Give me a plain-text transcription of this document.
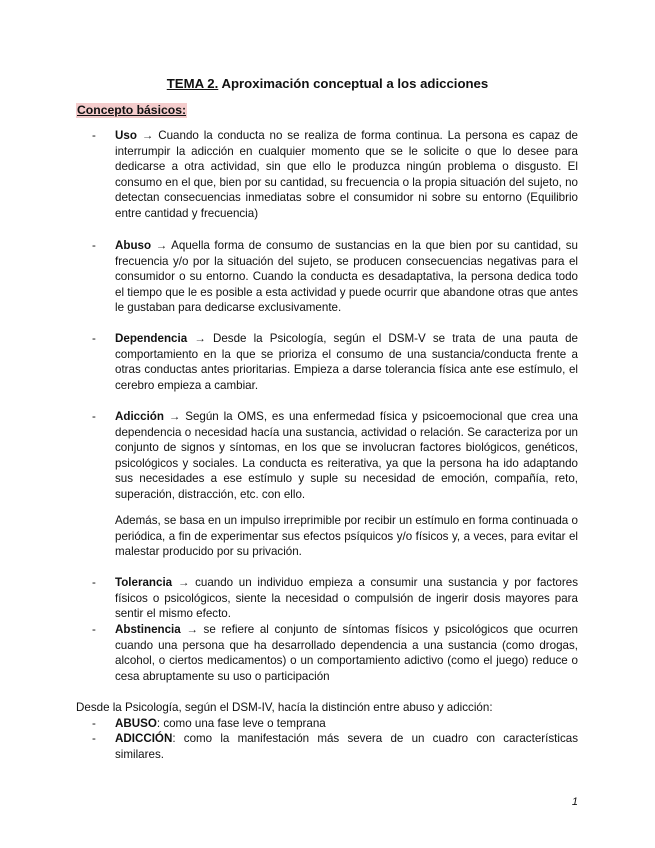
TEMA 2. Aproximación conceptual a los adicciones
Concepto básicos:
-	Uso → Cuando la conducta no se realiza de forma continua. La persona es capaz de interrumpir la adicción en cualquier momento que se le solicite o que lo desee para dedicarse a otra actividad, sin que ello le produzca ningún problema o disgusto. El consumo en el que, bien por su cantidad, su frecuencia o la propia situación del sujeto, no detectan consecuencias inmediatas sobre el consumidor ni sobre su entorno (Equilibrio entre cantidad y frecuencia)
-	Abuso → Aquella forma de consumo de sustancias en la que bien por su cantidad, su frecuencia y/o por la situación del sujeto, se producen consecuencias negativas para el consumidor o su entorno. Cuando la conducta es desadaptativa, la persona dedica todo el tiempo que le es posible a esta actividad y puede ocurrir que abandone otras que antes le gustaban para dedicarse exclusivamente.
-	Dependencia → Desde la Psicología, según el DSM-V se trata de una pauta de comportamiento en la que se prioriza el consumo de una sustancia/conducta frente a otras conductas antes prioritarias. Empieza a darse tolerancia física ante ese estímulo, el cerebro empieza a cambiar.
-	Adicción → Según la OMS, es una enfermedad física y psicoemocional que crea una dependencia o necesidad hacía una sustancia, actividad o relación. Se caracteriza por un conjunto de signos y síntomas, en los que se involucran factores biológicos, genéticos, psicológicos y sociales. La conducta es reiterativa, ya que la persona ha ido adaptando sus necesidades a ese estímulo y suple su necesidad de emoción, compañía, reto, superación, distracción, etc. con ello.
Además, se basa en un impulso irreprimible por recibir un estímulo en forma continuada o periódica, a fin de experimentar sus efectos psíquicos y/o físicos y, a veces, para evitar el malestar producido por su privación.
-	Tolerancia → cuando un individuo empieza a consumir una sustancia y por factores físicos o psicológicos, siente la necesidad o compulsión de ingerir dosis mayores para sentir el mismo efecto.
-	Abstinencia → se refiere al conjunto de síntomas físicos y psicológicos que ocurren cuando una persona que ha desarrollado dependencia a una sustancia (como drogas, alcohol, o ciertos medicamentos) o un comportamiento adictivo (como el juego) reduce o cesa abruptamente su uso o participación
Desde la Psicología, según el DSM-IV, hacía la distinción entre abuso y adicción:
-	ABUSO: como una fase leve o temprana
-	ADICCIÓN: como la manifestación más severa de un cuadro con características similares.
1
